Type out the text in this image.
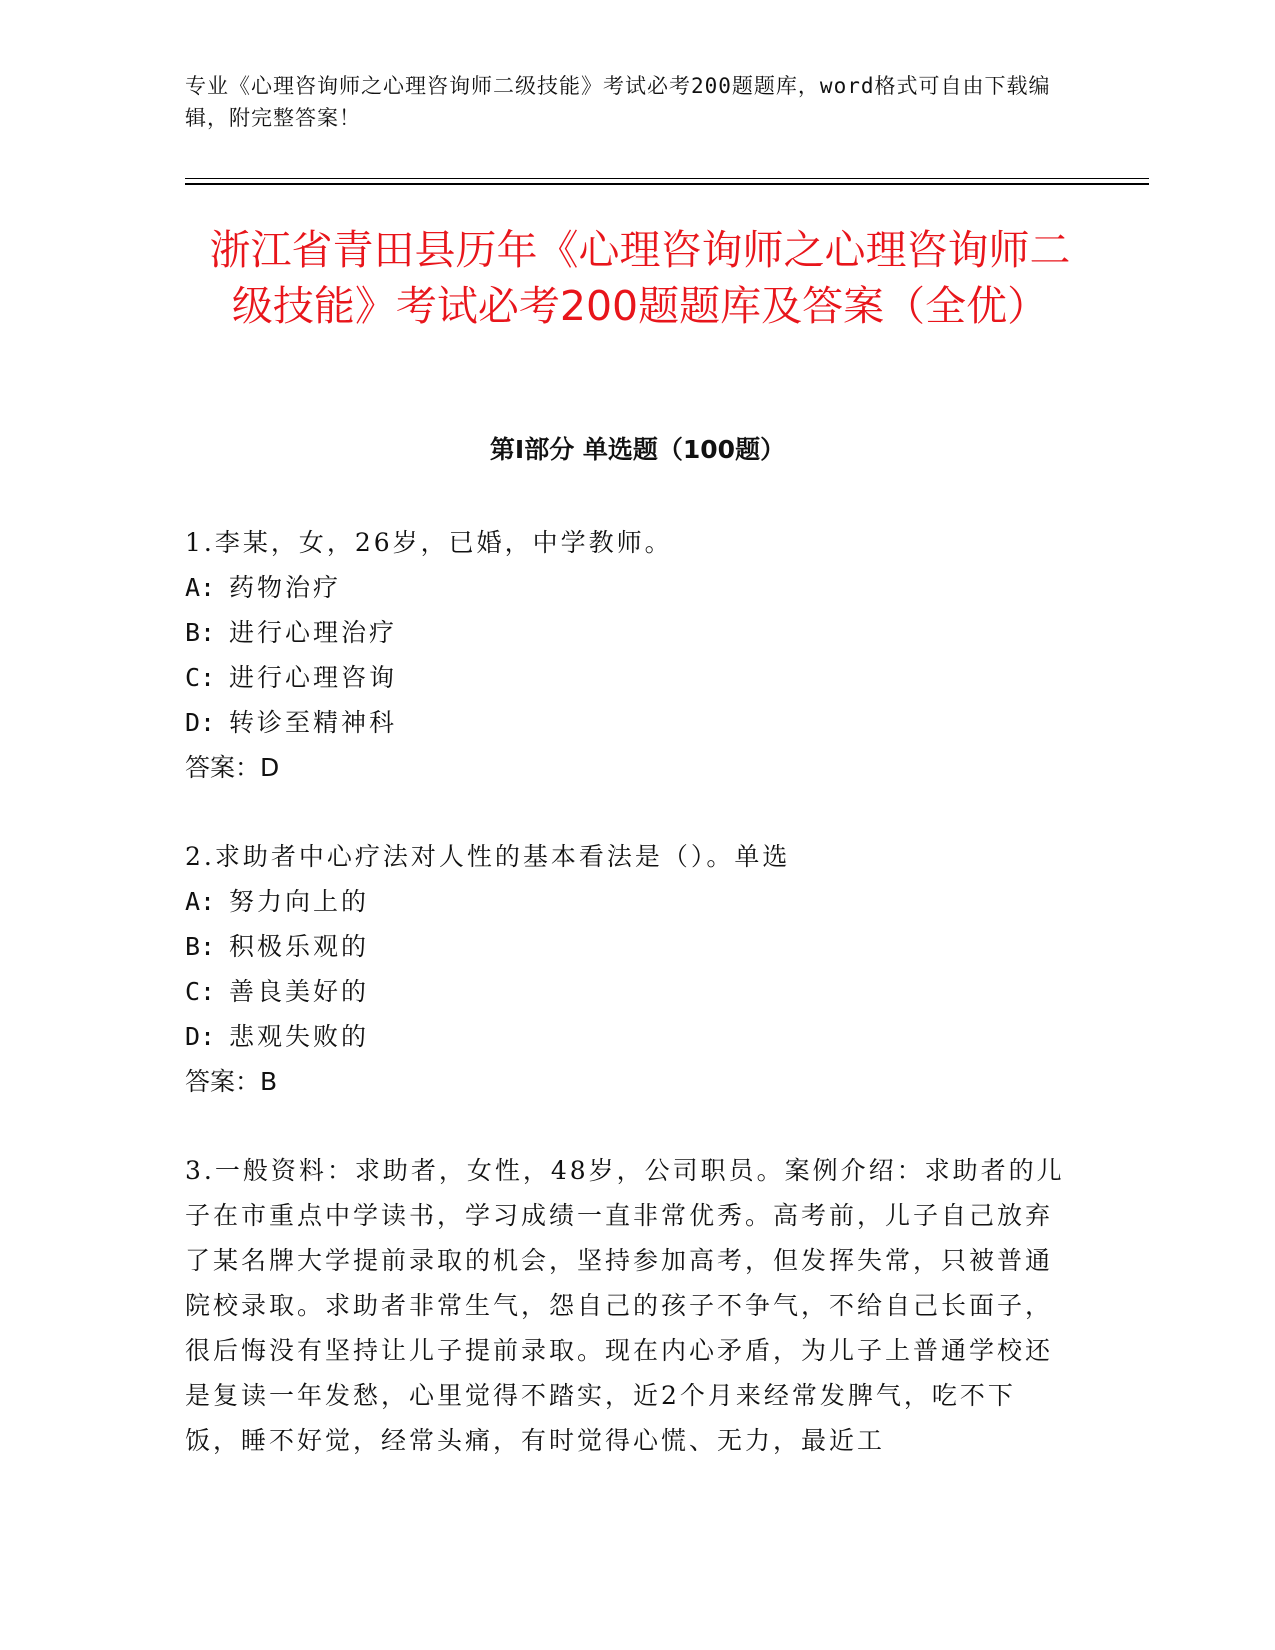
专业《心理咨询师之心理咨询师二级技能》考试必考200题题库，word格式可自由下载编辑，附完整答案！
浙江省青田县历年《心理咨询师之心理咨询师二级技能》考试必考200题题库及答案（全优）
第Ⅰ部分 单选题（100题）

1.李某，女，26岁，已婚，中学教师。

A: 药物治疗

B: 进行心理治疗

C: 进行心理咨询

D: 转诊至精神科

答案：D

2.求助者中心疗法对人性的基本看法是（）。单选

A: 努力向上的

B: 积极乐观的

C: 善良美好的

D: 悲观失败的

答案：B

3.一般资料：求助者，女性，48岁，公司职员。案例介绍：求助者的儿子在市重点中学读书，学习成绩一直非常优秀。高考前，儿子自己放弃了某名牌大学提前录取的机会，坚持参加高考，但发挥失常，只被普通院校录取。求助者非常生气，怨自己的孩子不争气，不给自己长面子，很后悔没有坚持让儿子提前录取。现在内心矛盾，为儿子上普通学校还是复读一年发愁，心里觉得不踏实，近2个月来经常发脾气，吃不下饭，睡不好觉，经常头痛，有时觉得心慌、无力，最近工
